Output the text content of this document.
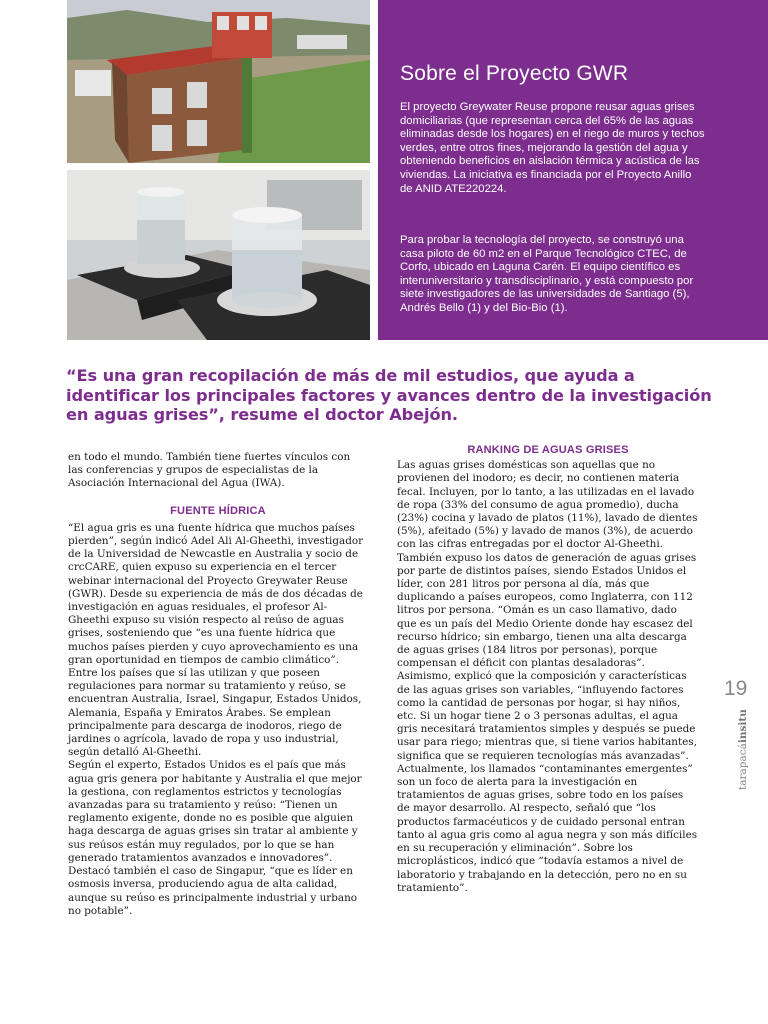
Sobre el Proyecto GWR

El proyecto Greywater Reuse propone reusar aguas grises domiciliarias (que representan cerca del 65% de las aguas eliminadas desde los hogares) en el riego de muros y techos verdes, entre otros fines, mejorando la gestión del agua y obteniendo beneficios en aislación térmica y acústica de las viviendas. La iniciativa es financiada por el Proyecto Anillo de ANID ATE220224.

Para probar la tecnología del proyecto, se construyó una casa piloto de 60 m2 en el Parque Tecnológico CTEC, de Corfo, ubicado en Laguna Carén. El equipo científico es interuniversitario y transdisciplinario, y está compuesto por siete investigadores de las universidades de Santiago (5), Andrés Bello (1) y del Bio-Bio (1).

“Es una gran recopilación de más de mil estudios, que ayuda a identificar los principales factores y avances dentro de la investigación en aguas grises”, resume el doctor Abejón.

en todo el mundo. También tiene fuertes vínculos con las conferencias y grupos de especialistas de la Asociación Internacional del Agua (IWA).

FUENTE HÍDRICA

“El agua gris es una fuente hídrica que muchos países pierden”, según indicó Adel Ali Al-Gheethi, investigador de la Universidad de Newcastle en Australia y socio de crcCARE, quien expuso su experiencia en el tercer webinar internacional del Proyecto Greywater Reuse (GWR). Desde su experiencia de más de dos décadas de investigación en aguas residuales, el profesor Al-Gheethi expuso su visión respecto al reúso de aguas grises, sosteniendo que “es una fuente hídrica que muchos países pierden y cuyo aprovechamiento es una gran oportunidad en tiempos de cambio climático”.

Entre los países que sí las utilizan y que poseen regulaciones para normar su tratamiento y reúso, se encuentran Australia, Israel, Singapur, Estados Unidos, Alemania, España y Emiratos Árabes. Se emplean principalmente para descarga de inodoros, riego de jardines o agrícola, lavado de ropa y uso industrial, según detalló Al-Gheethi.

Según el experto, Estados Unidos es el país que más agua gris genera por habitante y Australia el que mejor la gestiona, con reglamentos estrictos y tecnologías avanzadas para su tratamiento y reúso: “Tienen un reglamento exigente, donde no es posible que alguien haga descarga de aguas grises sin tratar al ambiente y sus reúsos están muy regulados, por lo que se han generado tratamientos avanzados e innovadores”. Destacó también el caso de Singapur, “que es líder en osmosis inversa, produciendo agua de alta calidad, aunque su reúso es principalmente industrial y urbano no potable”.

RANKING DE AGUAS GRISES

Las aguas grises domésticas son aquellas que no provienen del inodoro; es decir, no contienen materia fecal. Incluyen, por lo tanto, a las utilizadas en el lavado de ropa (33% del consumo de agua promedio), ducha (23%) cocina y lavado de platos (11%), lavado de dientes (5%), afeitado (5%) y lavado de manos (3%), de acuerdo con las cifras entregadas por el doctor Al-Gheethi.

También expuso los datos de generación de aguas grises por parte de distintos países, siendo Estados Unidos el líder, con 281 litros por persona al día, más que duplicando a países europeos, como Inglaterra, con 112 litros por persona. “Omán es un caso llamativo, dado que es un país del Medio Oriente donde hay escasez del recurso hídrico; sin embargo, tienen una alta descarga de aguas grises (184 litros por personas), porque compensan el déficit con plantas desaladoras”.

Asimismo, explicó que la composición y características de las aguas grises son variables, “influyendo factores como la cantidad de personas por hogar, si hay niños, etc. Si un hogar tiene 2 o 3 personas adultas, el agua gris necesitará tratamientos simples y después se puede usar para riego; mientras que, si tiene varios habitantes, significa que se requieren tecnologías más avanzadas”.

Actualmente, los llamados “contaminantes emergentes” son un foco de alerta para la investigación en tratamientos de aguas grises, sobre todo en los países de mayor desarrollo. Al respecto, señaló que “los productos farmacéuticos y de cuidado personal entran tanto al agua gris como al agua negra y son más difíciles en su recuperación y eliminación”. Sobre los microplásticos, indicó que “todavía estamos a nivel de laboratorio y trabajando en la detección, pero no en su tratamiento”.

19
tarapacáinsitu
